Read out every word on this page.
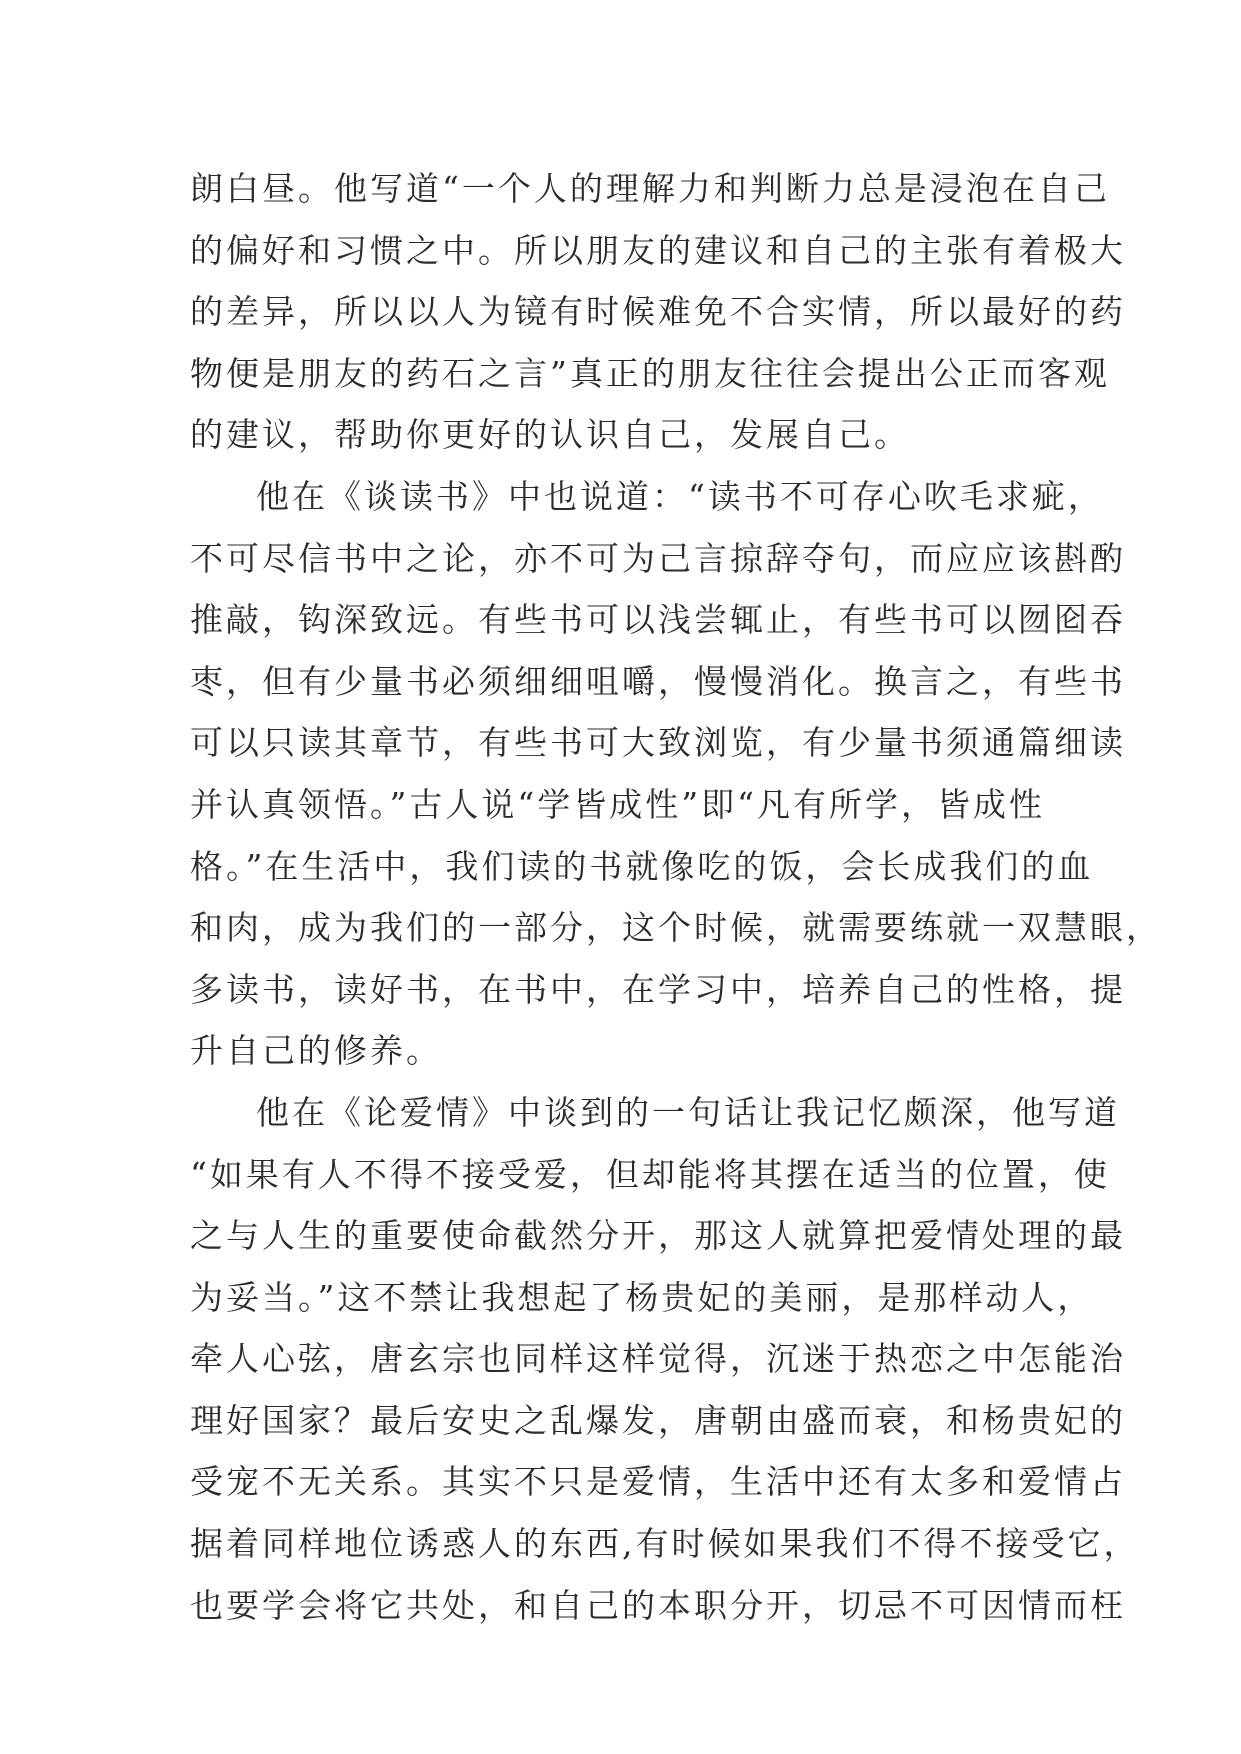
朗白昼。他写道“一个人的理解力和判断力总是浸泡在自己
的偏好和习惯之中。所以朋友的建议和自己的主张有着极大
的差异，所以以人为镜有时候难免不合实情，所以最好的药
物便是朋友的药石之言”真正的朋友往往会提出公正而客观
的建议，帮助你更好的认识自己，发展自己。
他在《谈读书》中也说道：“读书不可存心吹毛求疵，
不可尽信书中之论，亦不可为己言掠辞夺句，而应应该斟酌
推敲，钩深致远。有些书可以浅尝辄止，有些书可以囫囵吞
枣，但有少量书必须细细咀嚼，慢慢消化。换言之，有些书
可以只读其章节，有些书可大致浏览，有少量书须通篇细读
并认真领悟。”古人说“学皆成性”即“凡有所学，皆成性
格。”在生活中，我们读的书就像吃的饭，会长成我们的血
和肉，成为我们的一部分，这个时候，就需要练就一双慧眼，
多读书，读好书，在书中，在学习中，培养自己的性格，提
升自己的修养。
他在《论爱情》中谈到的一句话让我记忆颇深，他写道
“如果有人不得不接受爱，但却能将其摆在适当的位置，使
之与人生的重要使命截然分开，那这人就算把爱情处理的最
为妥当。”这不禁让我想起了杨贵妃的美丽，是那样动人，
牵人心弦，唐玄宗也同样这样觉得，沉迷于热恋之中怎能治
理好国家？最后安史之乱爆发，唐朝由盛而衰，和杨贵妃的
受宠不无关系。其实不只是爱情，生活中还有太多和爱情占
据着同样地位诱惑人的东西,有时候如果我们不得不接受它，
也要学会将它共处，和自己的本职分开，切忌不可因情而枉
